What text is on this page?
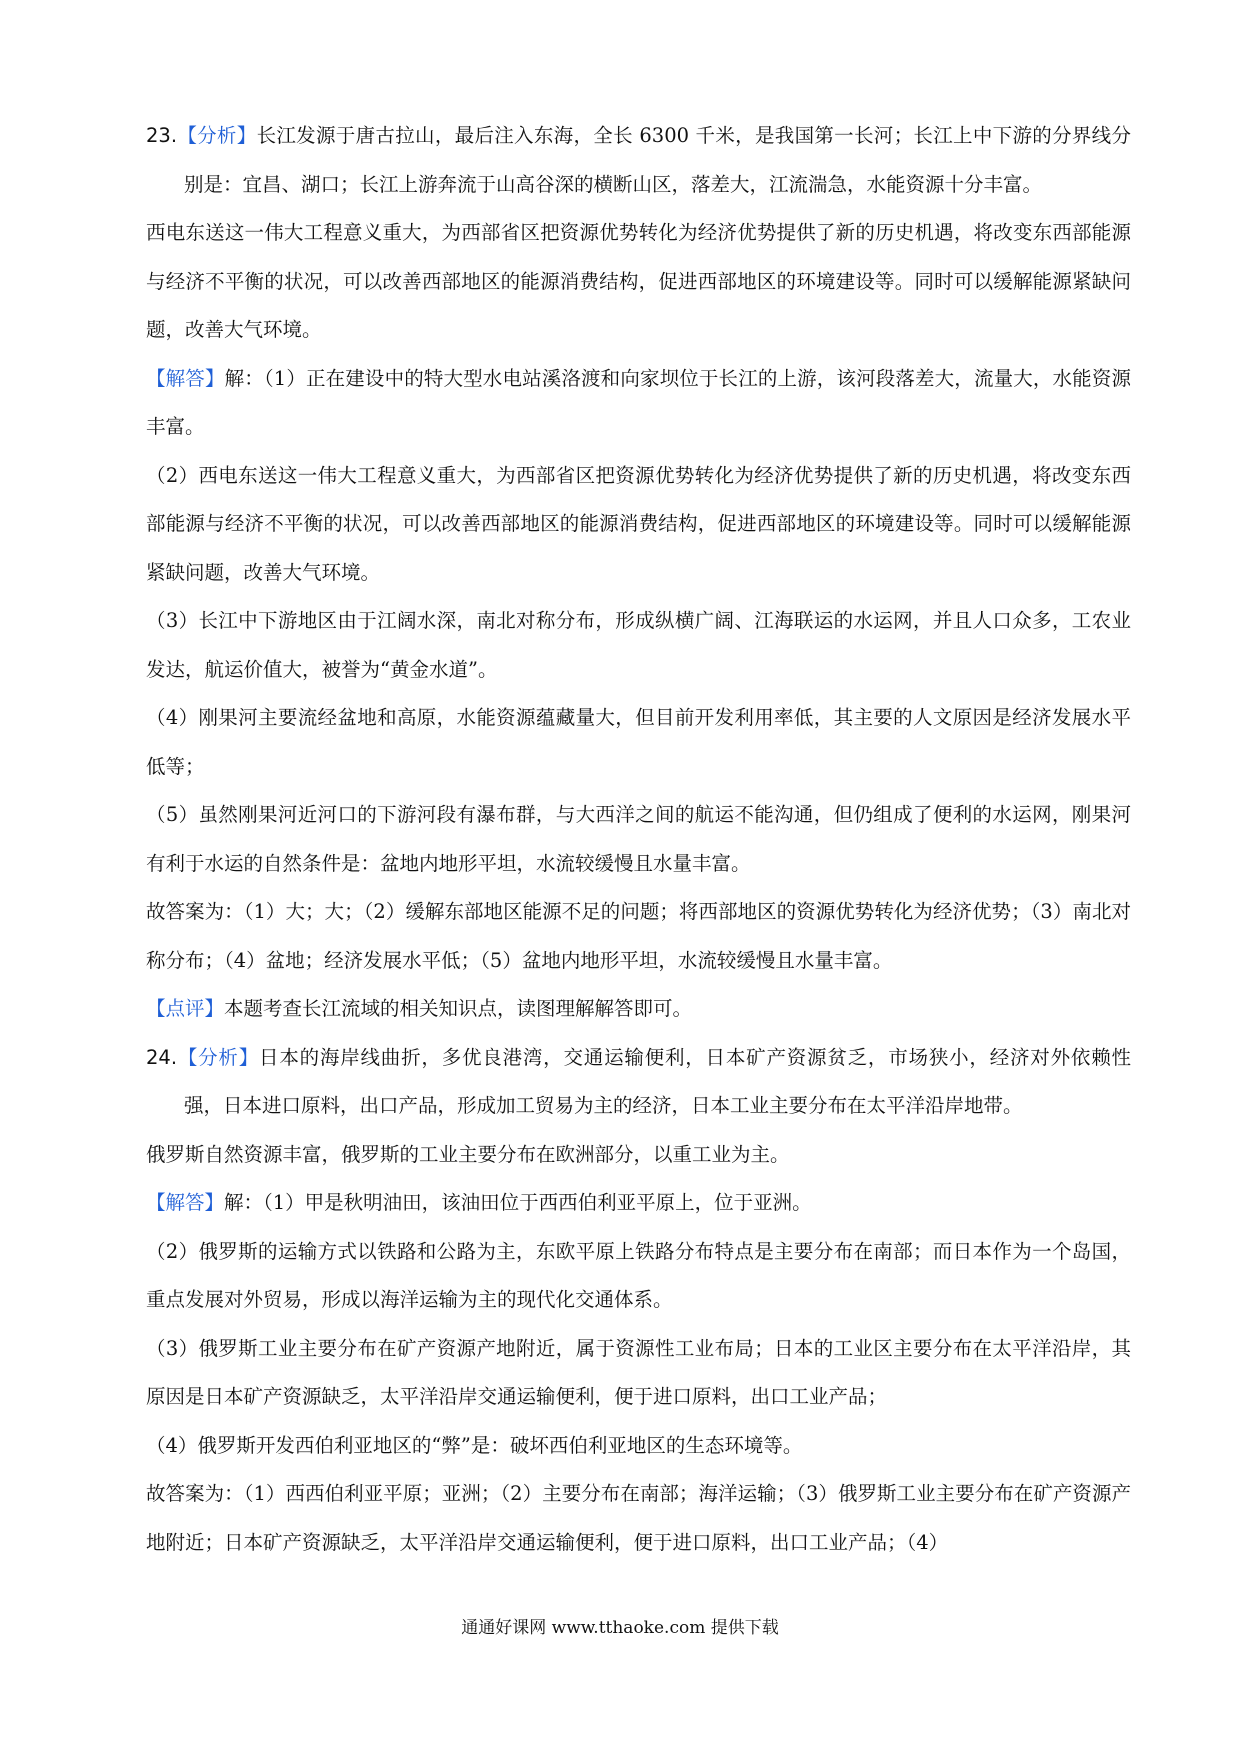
23.【分析】长江发源于唐古拉山，最后注入东海，全长 6300 千米，是我国第一长河；长江上中下游的分界线分别是：宜昌、湖口；长江上游奔流于山高谷深的横断山区，落差大，江流湍急，水能资源十分丰富。

西电东送这一伟大工程意义重大，为西部省区把资源优势转化为经济优势提供了新的历史机遇，将改变东西部能源与经济不平衡的状况，可以改善西部地区的能源消费结构，促进西部地区的环境建设等。同时可以缓解能源紧缺问题，改善大气环境。

【解答】解：（1）正在建设中的特大型水电站溪洛渡和向家坝位于长江的上游，该河段落差大，流量大，水能资源丰富。

（2）西电东送这一伟大工程意义重大，为西部省区把资源优势转化为经济优势提供了新的历史机遇，将改变东西部能源与经济不平衡的状况，可以改善西部地区的能源消费结构，促进西部地区的环境建设等。同时可以缓解能源紧缺问题，改善大气环境。

（3）长江中下游地区由于江阔水深，南北对称分布，形成纵横广阔、江海联运的水运网，并且人口众多，工农业发达，航运价值大，被誉为“黄金水道”。

（4）刚果河主要流经盆地和高原，水能资源蕴藏量大，但目前开发利用率低，其主要的人文原因是经济发展水平低等；

（5）虽然刚果河近河口的下游河段有瀑布群，与大西洋之间的航运不能沟通，但仍组成了便利的水运网，刚果河有利于水运的自然条件是：盆地内地形平坦，水流较缓慢且水量丰富。

故答案为：（1）大；大；（2）缓解东部地区能源不足的问题；将西部地区的资源优势转化为经济优势；（3）南北对称分布；（4）盆地；经济发展水平低；（5）盆地内地形平坦，水流较缓慢且水量丰富。

【点评】本题考查长江流域的相关知识点，读图理解解答即可。

24.【分析】日本的海岸线曲折，多优良港湾，交通运输便利，日本矿产资源贫乏，市场狭小，经济对外依赖性强，日本进口原料，出口产品，形成加工贸易为主的经济，日本工业主要分布在太平洋沿岸地带。

俄罗斯自然资源丰富，俄罗斯的工业主要分布在欧洲部分，以重工业为主。

【解答】解：（1）甲是秋明油田，该油田位于西西伯利亚平原上，位于亚洲。

（2）俄罗斯的运输方式以铁路和公路为主，东欧平原上铁路分布特点是主要分布在南部；而日本作为一个岛国，重点发展对外贸易，形成以海洋运输为主的现代化交通体系。

（3）俄罗斯工业主要分布在矿产资源产地附近，属于资源性工业布局；日本的工业区主要分布在太平洋沿岸，其原因是日本矿产资源缺乏，太平洋沿岸交通运输便利，便于进口原料，出口工业产品；

（4）俄罗斯开发西伯利亚地区的“弊”是：破坏西伯利亚地区的生态环境等。

故答案为：（1）西西伯利亚平原；亚洲；（2）主要分布在南部；海洋运输；（3）俄罗斯工业主要分布在矿产资源产地附近；日本矿产资源缺乏，太平洋沿岸交通运输便利，便于进口原料，出口工业产品；（4）

通通好课网 www.tthaoke.com 提供下载
